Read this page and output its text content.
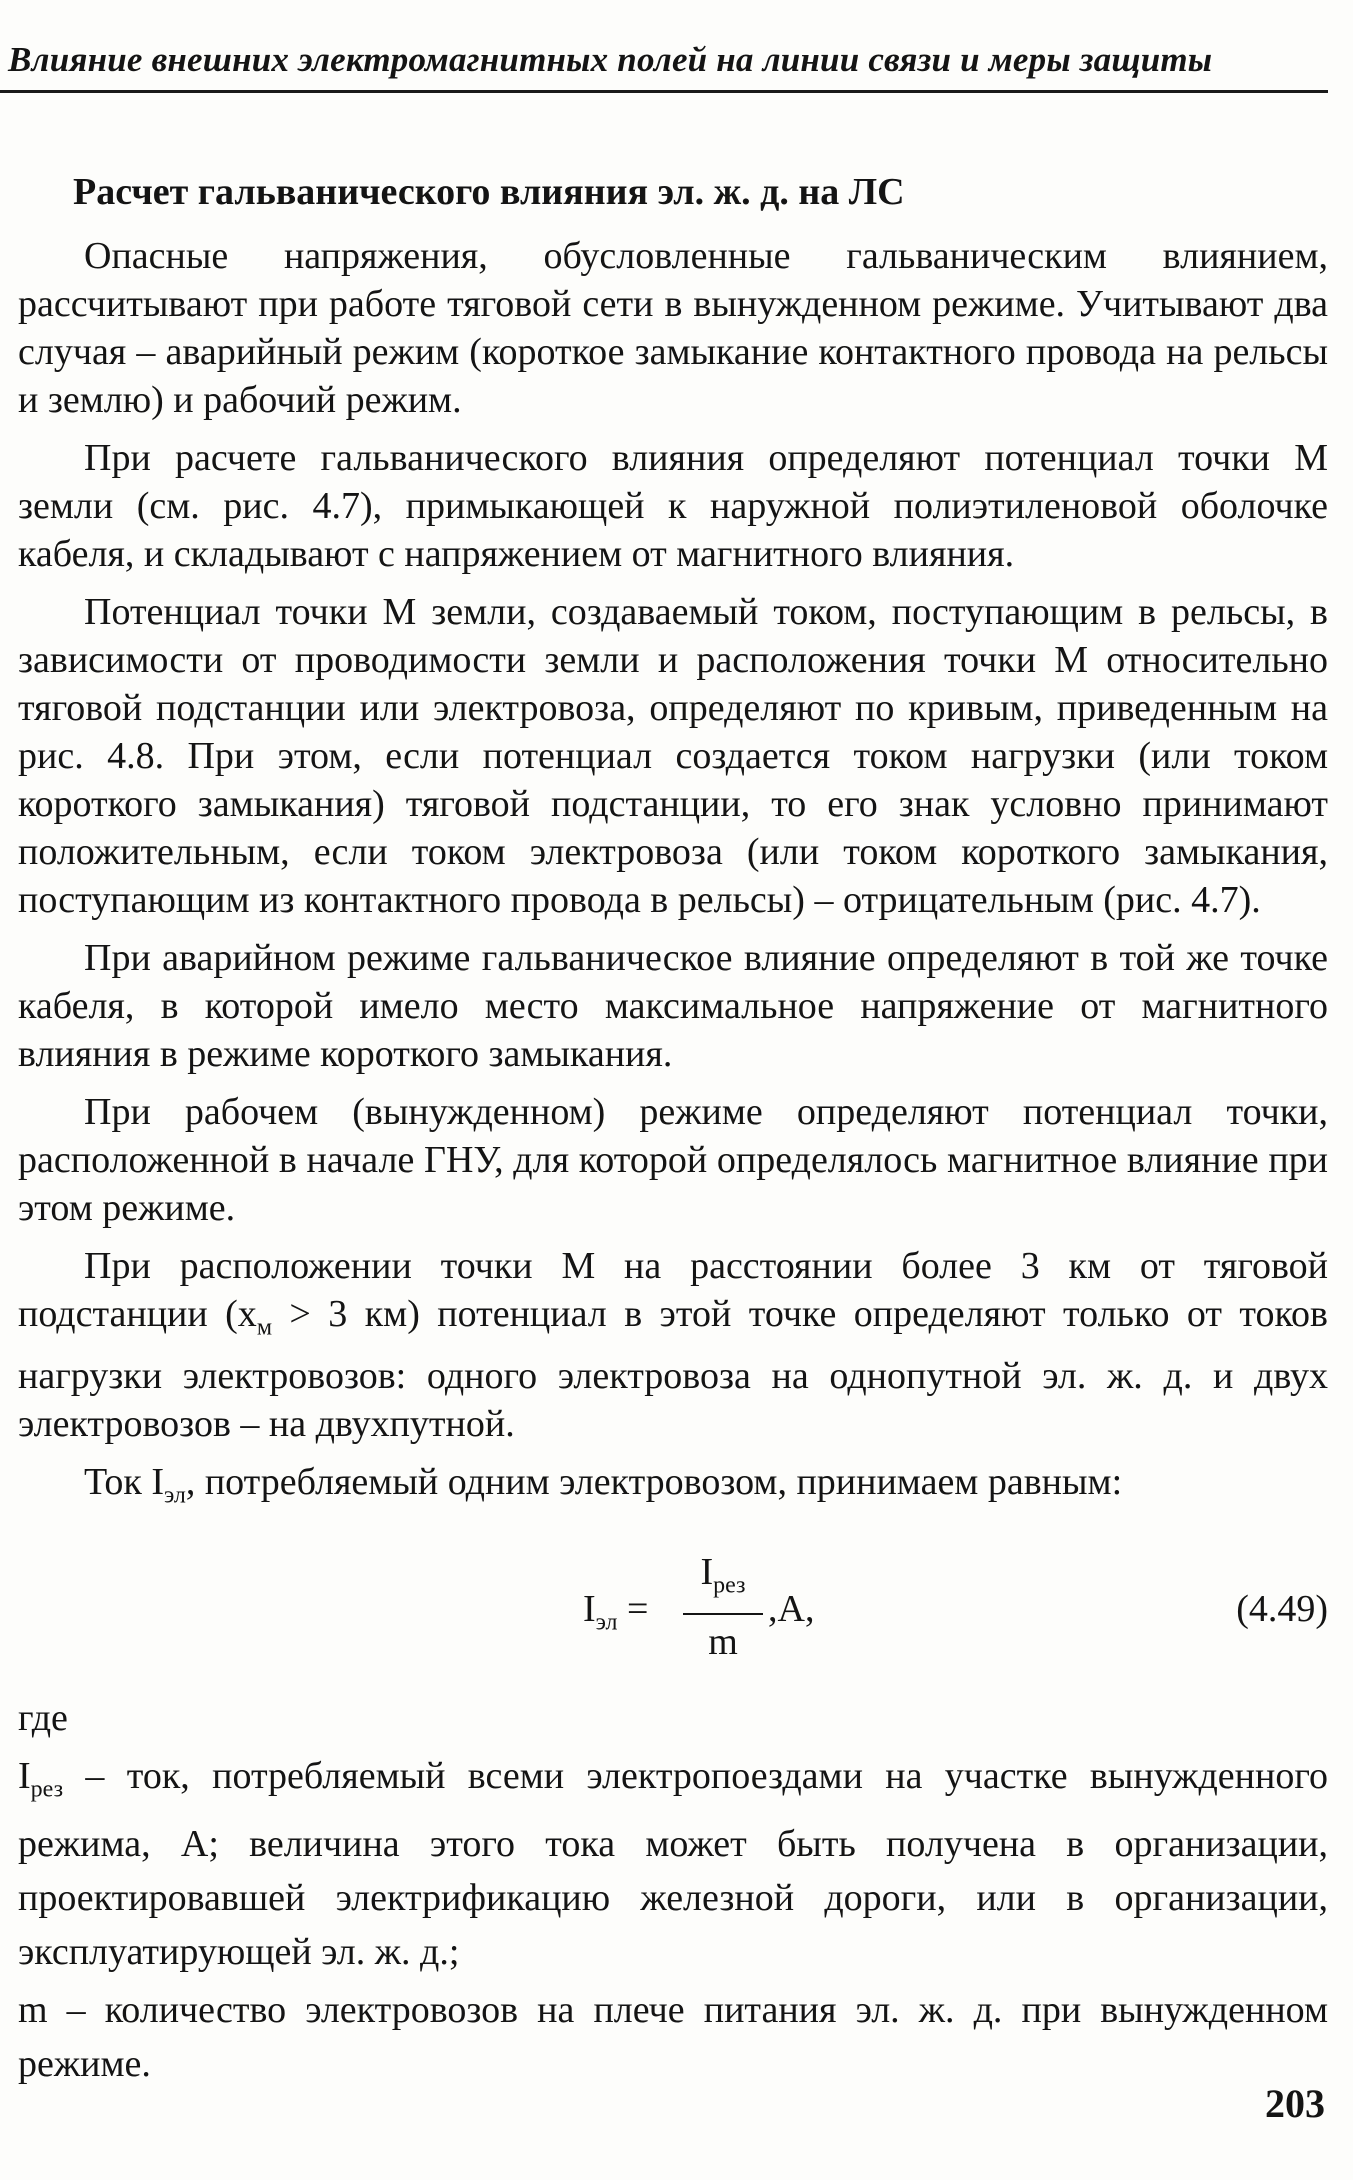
Влияние внешних электромагнитных полей на линии связи и меры защиты
Расчет гальванического влияния эл. ж. д. на ЛС

Опасные напряжения, обусловленные гальваническим влиянием, рассчитывают при работе тяговой сети в вынужденном режиме. Учитывают два случая – аварийный режим (короткое замыкание контактного провода на рельсы и землю) и рабочий режим.

При расчете гальванического влияния определяют потенциал точки М земли (см. рис. 4.7), примыкающей к наружной полиэтиленовой оболочке кабеля, и складывают с напряжением от магнитного влияния.

Потенциал точки М земли, создаваемый током, поступающим в рельсы, в зависимости от проводимости земли и расположения точки М относительно тяговой подстанции или электровоза, определяют по кривым, приведенным на рис. 4.8. При этом, если потенциал создается током нагрузки (или током короткого замыкания) тяговой подстанции, то его знак условно принимают положительным, если током электровоза (или током короткого замыкания, поступающим из контактного провода в рельсы) – отрицательным (рис. 4.7).

При аварийном режиме гальваническое влияние определяют в той же точке кабеля, в которой имело место максимальное напряжение от магнитного влияния в режиме короткого замыкания.

При рабочем (вынужденном) режиме определяют потенциал точки, расположенной в начале ГНУ, для которой определялось магнитное влияние при этом режиме.

При расположении точки М на расстоянии более 3 км от тяговой подстанции ($x_м > 3$ км) потенциал в этой точке определяют только от токов нагрузки электровозов: одного электровоза на однопутной эл. ж. д. и двух электровозов – на двухпутной.

Ток $I_{эл}$, потребляемый одним электровозом, принимаем равным:

$I_{эл}$ =
$I_{рез}$
m
,A,	(4.49)
где

$I_{рез}$ – ток, потребляемый всеми электропоездами на участке вынужденного режима, А; величина этого тока может быть получена в организации, проектировавшей электрификацию железной дороги, или в организации, эксплуатирующей эл. ж. д.;

m – количество электровозов на плече питания эл. ж. д. при вынужденном режиме.

203
